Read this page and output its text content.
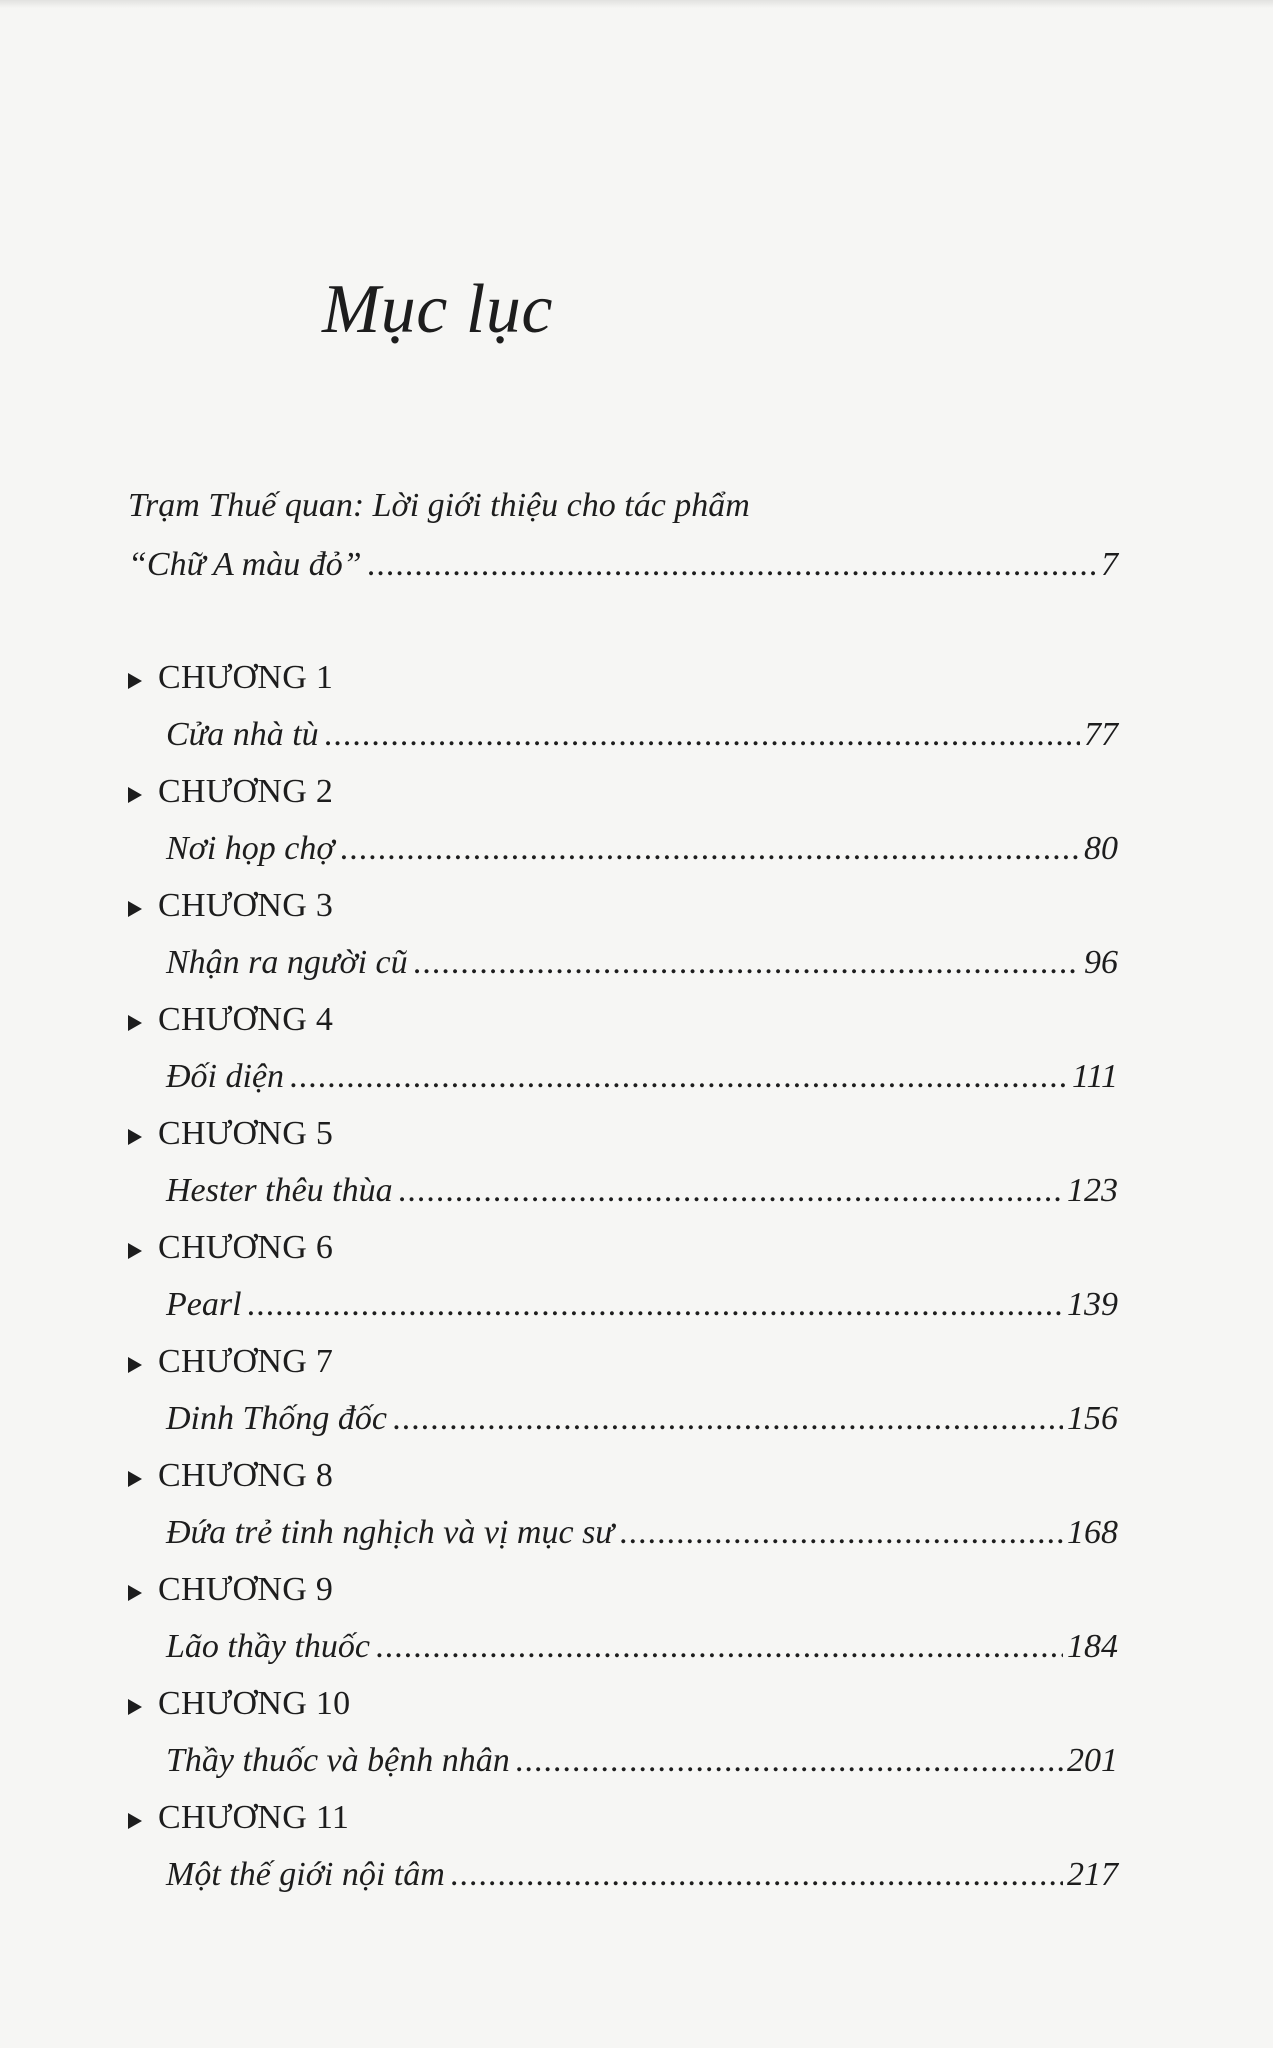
Mục lục
Trạm Thuế quan: Lời giới thiệu cho tác phẩm
“Chữ A màu đỏ” .....	7
CHƯƠNG 1
Cửa nhà tù .....	77
CHƯƠNG 2
Nơi họp chợ .....	80
CHƯƠNG 3
Nhận ra người cũ .....	96
CHƯƠNG 4
Đối diện .....	111
CHƯƠNG 5
Hester thêu thùa .....	123
CHƯƠNG 6
Pearl .....	139
CHƯƠNG 7
Dinh Thống đốc .....	156
CHƯƠNG 8
Đứa trẻ tinh nghịch và vị mục sư .....	168
CHƯƠNG 9
Lão thầy thuốc .....	184
CHƯƠNG 10
Thầy thuốc và bệnh nhân .....	201
CHƯƠNG 11
Một thế giới nội tâm .....	217
